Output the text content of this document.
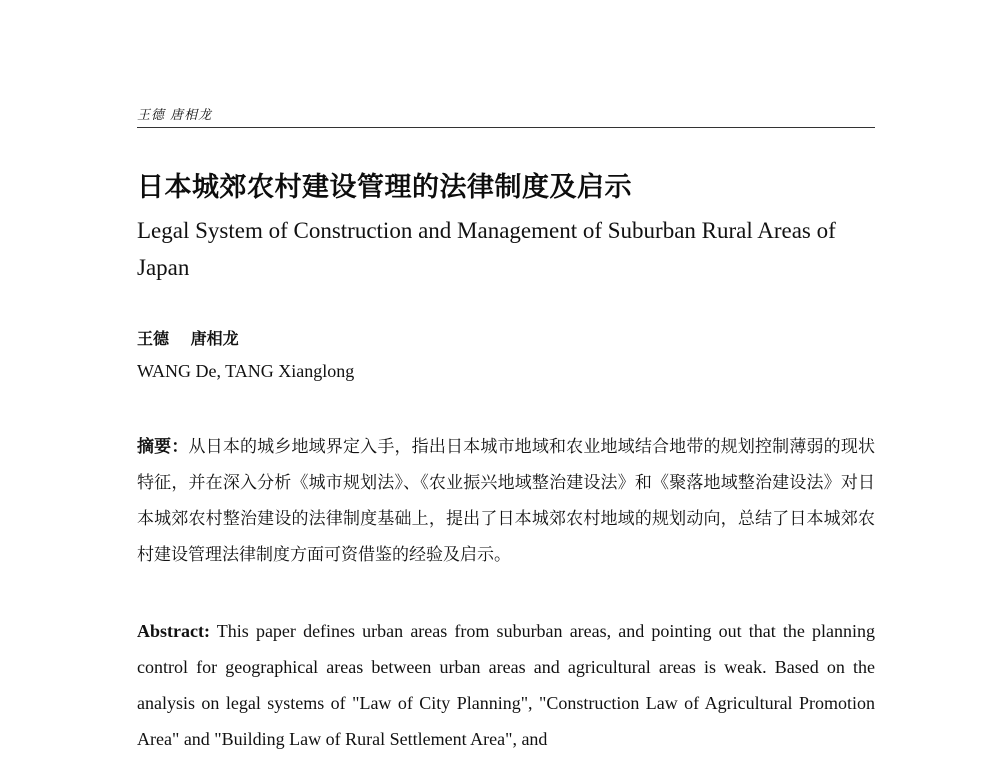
王德 唐相龙
日本城郊农村建设管理的法律制度及启示
Legal System of Construction and Management of Suburban Rural Areas of Japan
王德　 唐相龙
WANG De, TANG Xianglong

摘要：从日本的城乡地域界定入手，指出日本城市地域和农业地域结合地带的规划控制薄弱的现状特征，并在深入分析《城市规划法》、《农业振兴地域整治建设法》和《聚落地域整治建设法》对日本城郊农村整治建设的法律制度基础上，提出了日本城郊农村地域的规划动向，总结了日本城郊农村建设管理法律制度方面可资借鉴的经验及启示。

Abstract: This paper defines urban areas from suburban areas, and pointing out that the planning control for geographical areas between urban areas and agricultural areas is weak. Based on the analysis on legal systems of "Law of City Planning", "Construction Law of Agricultural Promotion Area" and "Building Law of Rural Settlement Area", and
